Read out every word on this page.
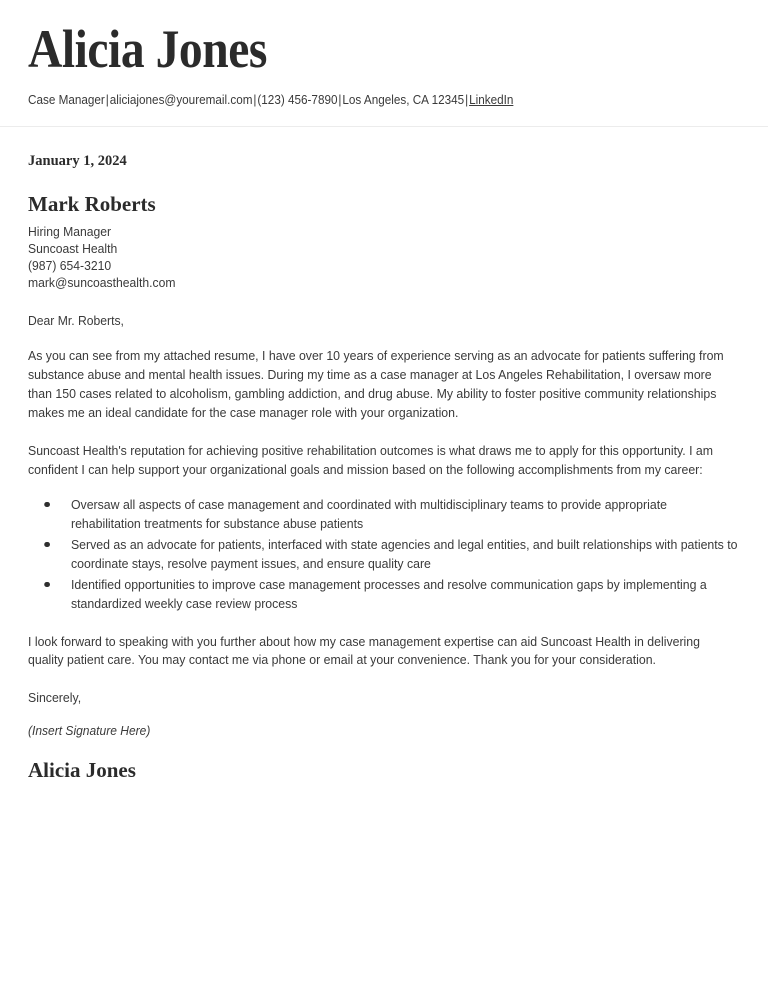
Alicia Jones
Case Manager|aliciajones@youremail.com|(123) 456-7890|Los Angeles, CA 12345|LinkedIn
January 1, 2024
Mark Roberts
Hiring Manager
Suncoast Health
(987) 654-3210
mark@suncoasthealth.com
Dear Mr. Roberts,

As you can see from my attached resume, I have over 10 years of experience serving as an advocate for patients suffering from substance abuse and mental health issues. During my time as a case manager at Los Angeles Rehabilitation, I oversaw more than 150 cases related to alcoholism, gambling addiction, and drug abuse. My ability to foster positive community relationships makes me an ideal candidate for the case manager role with your organization.

Suncoast Health's reputation for achieving positive rehabilitation outcomes is what draws me to apply for this opportunity. I am confident I can help support your organizational goals and mission based on the following accomplishments from my career:

Oversaw all aspects of case management and coordinated with multidisciplinary teams to provide appropriate rehabilitation treatments for substance abuse patients
Served as an advocate for patients, interfaced with state agencies and legal entities, and built relationships with patients to coordinate stays, resolve payment issues, and ensure quality care
Identified opportunities to improve case management processes and resolve communication gaps by implementing a standardized weekly case review process

I look forward to speaking with you further about how my case management expertise can aid Suncoast Health in delivering quality patient care. You may contact me via phone or email at your convenience. Thank you for your consideration.

Sincerely,
(Insert Signature Here)
Alicia Jones
